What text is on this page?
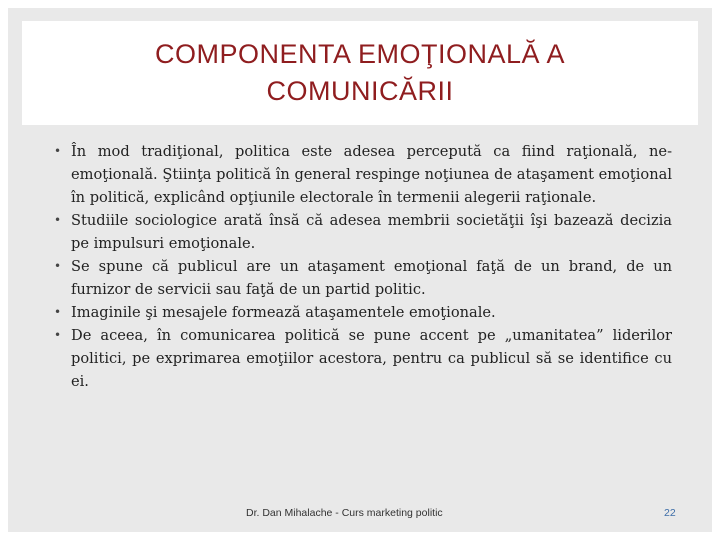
COMPONENTA EMOŢIONALĂ A
COMUNICĂRII
• În mod tradiţional, politica este adesea percepută ca fiind raţională, ne-emoţională. Ştiinţa politică în general respinge noţiunea de ataşament emoţional în politică, explicând opţiunile electorale în termenii alegerii raţionale.
• Studiile sociologice arată însă că adesea membrii societăţii îşi bazează decizia pe impulsuri emoţionale.
• Se spune că publicul are un ataşament emoţional faţă de un brand, de un furnizor de servicii sau faţă de un partid politic.
• Imaginile şi mesajele formează ataşamentele emoţionale.
• De aceea, în comunicarea politică se pune accent pe „umanitatea” liderilor politici, pe exprimarea emoţiilor acestora, pentru ca publicul să se identifice cu ei.
Dr. Dan Mihalache - Curs marketing politic	22
